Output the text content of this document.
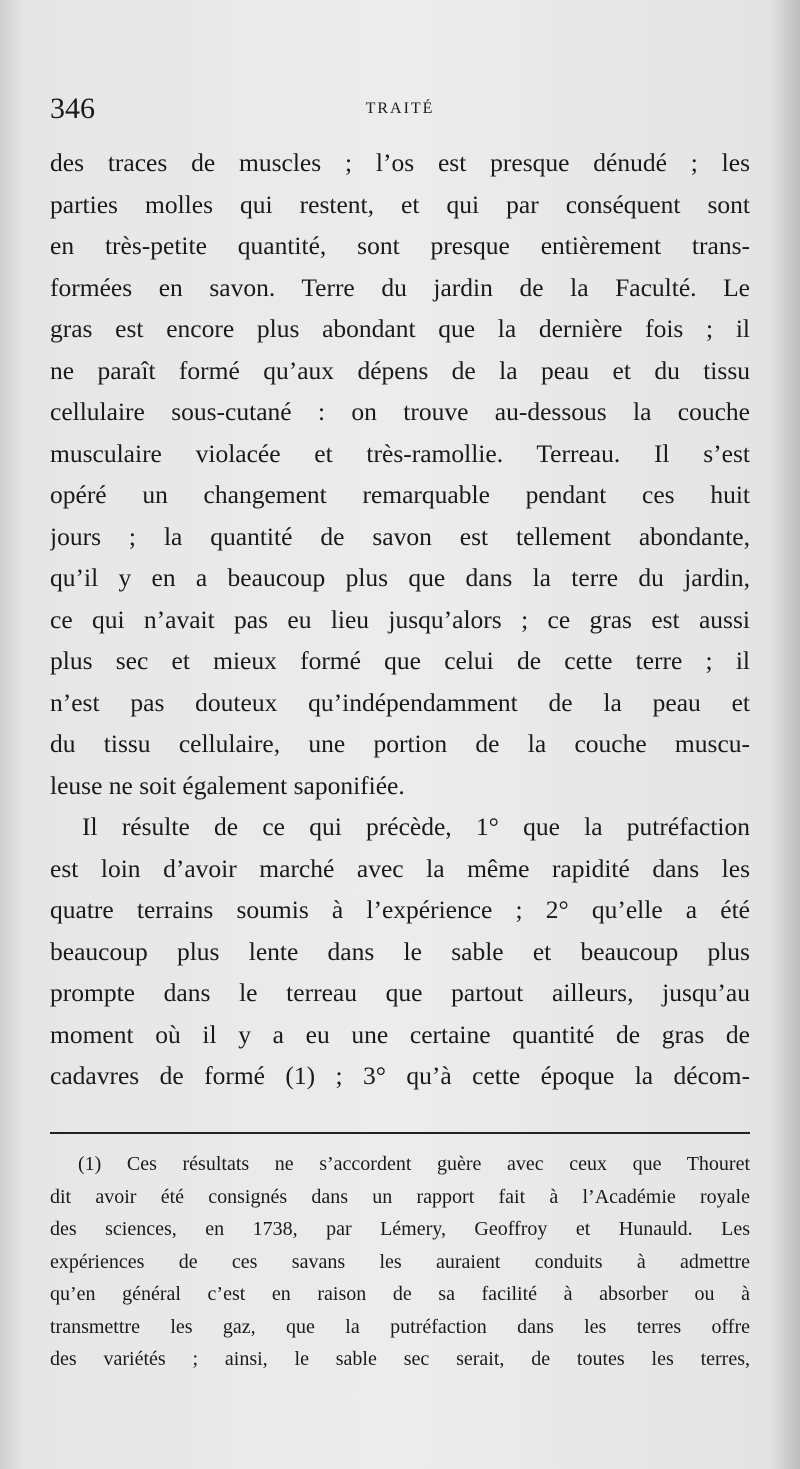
346	TRAITÉ
des traces de muscles ; l’os est presque dénudé ; les
parties molles qui restent, et qui par conséquent sont
en très-petite quantité, sont presque entièrement trans-
formées en savon. Terre du jardin de la Faculté. Le
gras est encore plus abondant que la dernière fois ; il
ne paraît formé qu’aux dépens de la peau et du tissu
cellulaire sous-cutané : on trouve au-dessous la couche
musculaire violacée et très-ramollie. Terreau. Il s’est
opéré un changement remarquable pendant ces huit
jours ; la quantité de savon est tellement abondante,
qu’il y en a beaucoup plus que dans la terre du jardin,
ce qui n’avait pas eu lieu jusqu’alors ; ce gras est aussi
plus sec et mieux formé que celui de cette terre ; il
n’est pas douteux qu’indépendamment de la peau et
du tissu cellulaire, une portion de la couche muscu-
leuse ne soit également saponifiée.
Il résulte de ce qui précède, 1° que la putréfaction
est loin d’avoir marché avec la même rapidité dans les
quatre terrains soumis à l’expérience ; 2° qu’elle a été
beaucoup plus lente dans le sable et beaucoup plus
prompte dans le terreau que partout ailleurs, jusqu’au
moment où il y a eu une certaine quantité de gras de
cadavres de formé (1) ; 3° qu’à cette époque la décom-
(1) Ces résultats ne s’accordent guère avec ceux que Thouret
dit avoir été consignés dans un rapport fait à l’Académie royale
des sciences, en 1738, par Lémery, Geoffroy et Hunauld. Les
expériences de ces savans les auraient conduits à admettre
qu’en général c’est en raison de sa facilité à absorber ou à
transmettre les gaz, que la putréfaction dans les terres offre
des variétés ; ainsi, le sable sec serait, de toutes les terres,
